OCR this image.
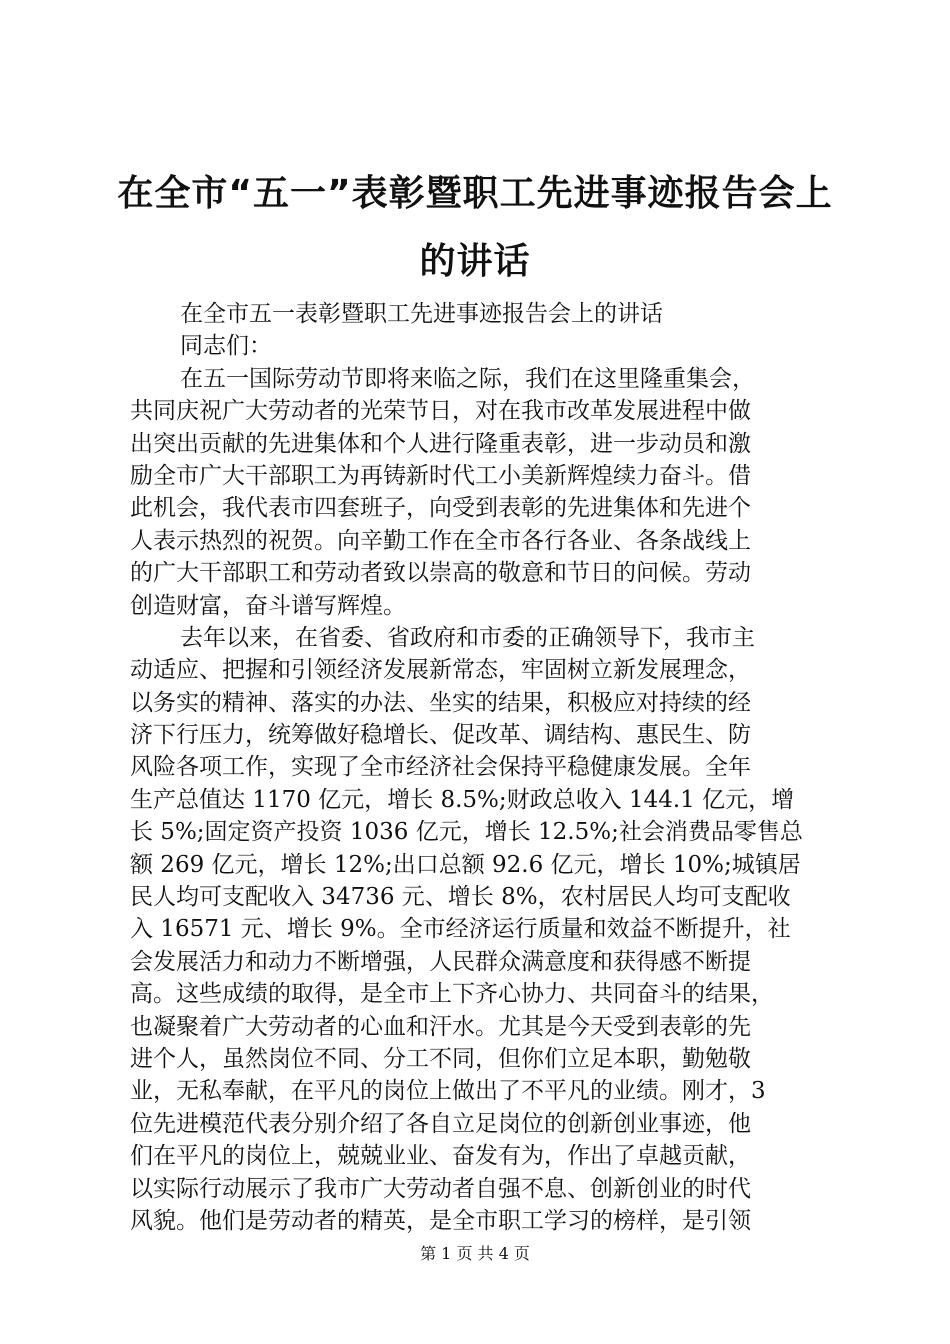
在全市“五一”表彰暨职工先进事迹报告会上
的讲话
在全市五一表彰暨职工先进事迹报告会上的讲话
同志们：
在五一国际劳动节即将来临之际，我们在这里隆重集会，
共同庆祝广大劳动者的光荣节日，对在我市改革发展进程中做
出突出贡献的先进集体和个人进行隆重表彰，进一步动员和激
励全市广大干部职工为再铸新时代工小美新辉煌续力奋斗。借
此机会，我代表市四套班子，向受到表彰的先进集体和先进个
人表示热烈的祝贺。向辛勤工作在全市各行各业、各条战线上
的广大干部职工和劳动者致以崇高的敬意和节日的问候。劳动
创造财富，奋斗谱写辉煌。
去年以来，在省委、省政府和市委的正确领导下，我市主
动适应、把握和引领经济发展新常态，牢固树立新发展理念，
以务实的精神、落实的办法、坐实的结果，积极应对持续的经
济下行压力，统筹做好稳增长、促改革、调结构、惠民生、防
风险各项工作，实现了全市经济社会保持平稳健康发展。全年
生产总值达 1170 亿元，增长 8.5%;财政总收入 144.1 亿元，增
长 5%;固定资产投资 1036 亿元，增长 12.5%;社会消费品零售总
额 269 亿元，增长 12%;出口总额 92.6 亿元，增长 10%;城镇居
民人均可支配收入 34736 元、增长 8%，农村居民人均可支配收
入 16571 元、增长 9%。全市经济运行质量和效益不断提升，社
会发展活力和动力不断增强，人民群众满意度和获得感不断提
高。这些成绩的取得，是全市上下齐心协力、共同奋斗的结果，
也凝聚着广大劳动者的心血和汗水。尤其是今天受到表彰的先
进个人，虽然岗位不同、分工不同，但你们立足本职，勤勉敬
业，无私奉献，在平凡的岗位上做出了不平凡的业绩。刚才，3
位先进模范代表分别介绍了各自立足岗位的创新创业事迹，他
们在平凡的岗位上，兢兢业业、奋发有为，作出了卓越贡献，
以实际行动展示了我市广大劳动者自强不息、创新创业的时代
风貌。他们是劳动者的精英，是全市职工学习的榜样，是引领
第 1 页 共 4 页
